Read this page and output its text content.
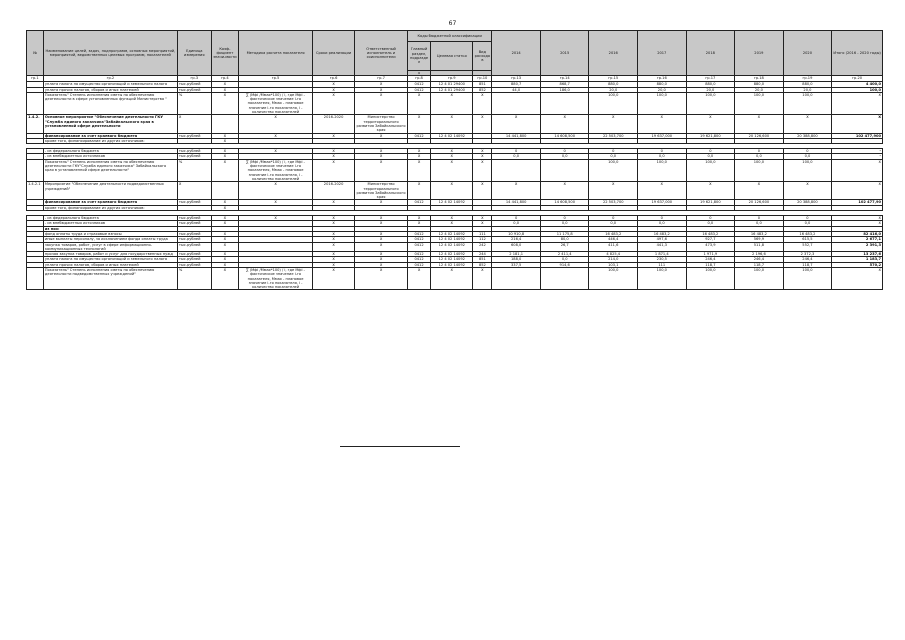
67
№	Наименование целей, задач, подпрограмм, основных мероприятий, мероприятий, ведомственных целевых программ, показателей	Единица измерения	Коэф-фициент значи-мости	Методика расчета показателя	Сроки реализации	Ответственный исполнитель и соисполнители	Коды бюджетной классификации			2014	2015	2016	2017	2018	2019	2020	Итого (2016 - 2020 годы)
							Главный раздел, подраздел	Целевая статья	Вид расходов								
							х										
гр.1	гр.2	гр.3	гр.4	гр.5	гр.6	гр.7	гр.8	гр.9	гр.10	гр.13	гр.14	гр.15	гр.16	гр.17	гр.18	гр.19	гр.20
	уплата налога на имущество организаций и земельного налога	тыс.рублей	Х		Х	Х	0412	12 4 01 29400	851	880,7	868,7	880,0	880,0	880,0	880,0	880,0	4 400,0
	уплата прочих налогов, сборов и иных платежей	тыс.рублей	Х		Х	Х	0412	12 4 01 29400	852	44,0	186,0	20,0	20,0	20,0	20,0	20,0	100,0
	Показатель" Степень исполнения сметы по обеспечению деятельности в сфере установленных функций Министерства "	%	Х	∑ (Мфi /Ммах*100) / i, где Мфi - фактическое значение i-го показателя, Ммах - плановое значение i-го показателя, i - количество показателей	Х	Х	Х	Х	Х			100,0	100,0	100,0	100,0	100,0	Х
1.4.2.	Основное мероприятие "Обеспечение деятельности ГКУ "Служба единого заказчика"Забайкальского края в установленной сфере деятельности	Х		Х	2016-2020	Министерство территориального развития Забайкальского края	Х	Х	Х	Х	Х	Х	Х	Х	Х	Х	Х
	финансирование за счет краевого бюджета	тыс.рублей	Х	Х	Х	Х	0412	12 4 02 14092		14 441,800	14 608,500	22 503,700	19 637,000	19 621,800	20 126,600	20 388,800	102 477,900
	кроме того, финансирование из других источников:		Х														

	- из федерального бюджета	тыс.рублей	Х	Х	Х	Х	Х	Х	Х	0	0	0	0	0	0	0	-
	- из внебюджетных источников	тыс.рублей	Х		Х	Х	Х	Х	Х	0,0	0,0	0,0	0,0	0,0	0,0	0,0	-
	Показатель" Степень исполнения сметы по обеспечению деятельности ГКУ"Служба единого заказчика" Забайкальского края в установленной сфере деятельности"	%	Х	∑ (Мфi /Ммах*100) / i, где Мфi - фактическое значение i-го показателя, Ммах - плановое значение i-го показателя, i - количество показателей	Х	Х	Х	Х	Х			100,0	100,0	100,0	100,0	100,0	Х
1.4.2.1	Мероприятие "Обеспечение деятельности подведомственных учреждений"	Х		Х	2016-2020	Министерство территориального развития Забайкальского края	Х	Х	Х	Х	Х	Х	Х	Х	Х	Х	Х
	финансирование за счет краевого бюджета	тыс.рублей	Х	Х	Х	Х	0412	12 4 02 14092		14 441,800	14 608,500	22 503,700	19 637,000	19 621,800	20 126,600	20 388,800	102 477,90
	кроме того, финансирование из других источников:		Х														

	- из федерального бюджета	тыс.рублей	Х	Х	Х	Х	Х	Х	Х	0	0	0	0	0	0	0	Х
	- из внебюджетных источников	тыс.рублей	Х		Х	Х	Х	Х	Х	0,0	0,0	0,0	0,0	0,0	0,0	0,0	Х
	из них:																
	фонд оплаты труда и страховые взносы	тыс.рублей	Х		Х	Х	0412	12 4 02 14092	111	10 910,8	11 175,8	16 483,2	16 483,2	16 483,2	16 483,2	16 483,2	82 416,0
	иные выплаты персоналу, за исключением фонда оплаты труда	тыс.рублей	Х		Х	Х	0412	12 4 02 14092	112	216,4	80,0	446,4	497,6	927,7	569,9	615,5	2 677,1
	закупка товаров, работ, услуг в сфере информационно-коммуникационных технологий	тыс.рублей	Х		Х	Х	0412	12 4 02 14092	242	608,0	26,7	411,6	441,3	473,9	511,8	552,7	2 391,3
	прочая закупка товаров, работ и услуг для государственных нужд	тыс.рублей	Х		Х	Х	0412	12 4 02 14092	244	2 181,1	2 411,4	4 825,4	1 871,4	1 971,9	2 196,6	2 372,3	13 237,6
	уплата налога на имущество организаций и земельного налога	тыс.рублей	Х		Х	Х	0412	12 4 02 14092	851	188,0	0,0	214,0	230,5	246,4	246,4	246,4	1 183,7
	уплата прочих налогов, сборов и иных платежей	тыс.рублей	Х		Х	Х	0412	12 4 02 14092	852	337,5	914,6	103,1	111	118,7	118,7	118,7	570,2
	Показатель" Степень исполнения сметы по обеспечению деятельности подведомственных учреждений"	%	Х	∑ (Мфi /Ммах*100) / i, где Мфi - фактическое значение i-го показателя, Ммах - плановое значение i-го показателя, i - количество показателей	Х	Х	Х	Х	Х			100,0	100,0	100,0	100,0	100,0	Х
